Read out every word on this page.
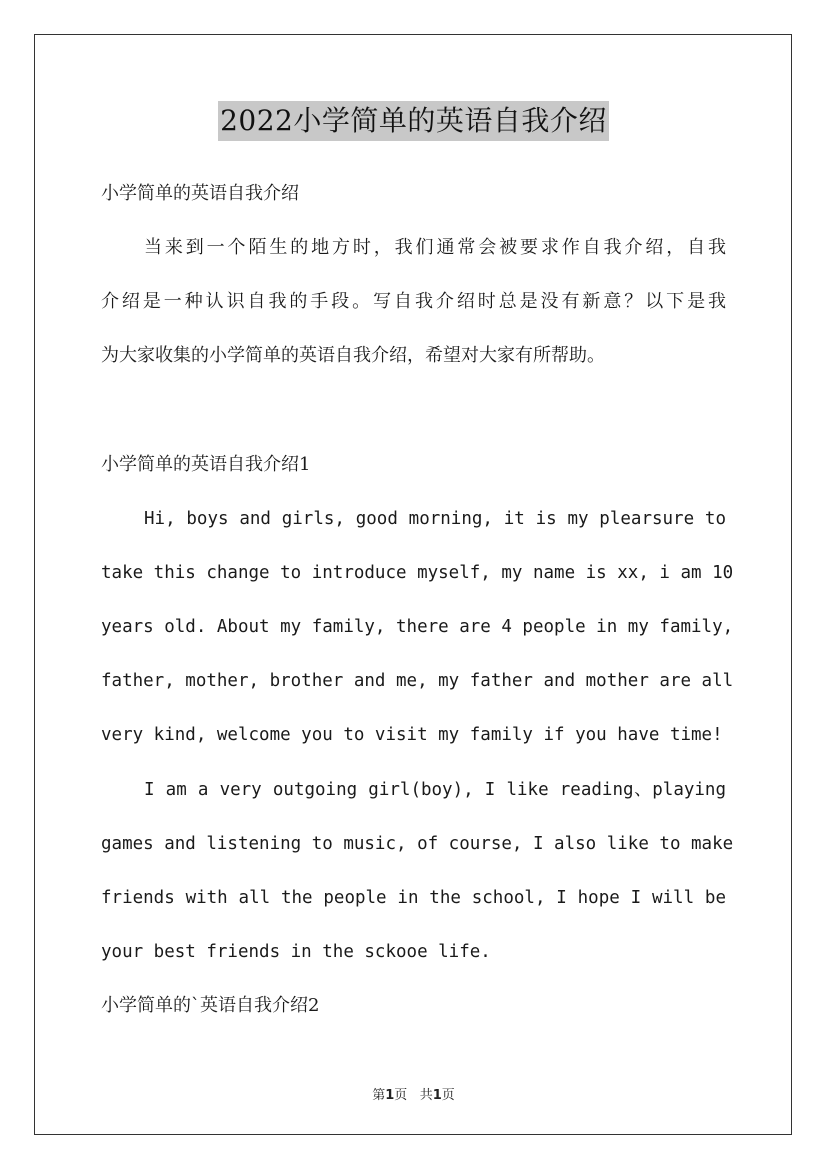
2022小学简单的英语自我介绍
小学简单的英语自我介绍
当来到一个陌生的地方时，我们通常会被要求作自我介绍，自我
介绍是一种认识自我的手段。写自我介绍时总是没有新意？以下是我
为大家收集的小学简单的英语自我介绍，希望对大家有所帮助。
小学简单的英语自我介绍1
Hi, boys and girls, good morning, it is my plearsure to
take this change to introduce myself, my name is xx, i am 10
years old. About my family, there are 4 people in my family,
father, mother, brother and me, my father and mother are all
very kind, welcome you to visit my family if you have time!
I am a very outgoing girl(boy), I like reading、playing
games and listening to music, of course, I also like to make
friends with all the people in the school, I hope I will be
your best friends in the sckooe life.
小学简单的`英语自我介绍2
第1页 共1页
